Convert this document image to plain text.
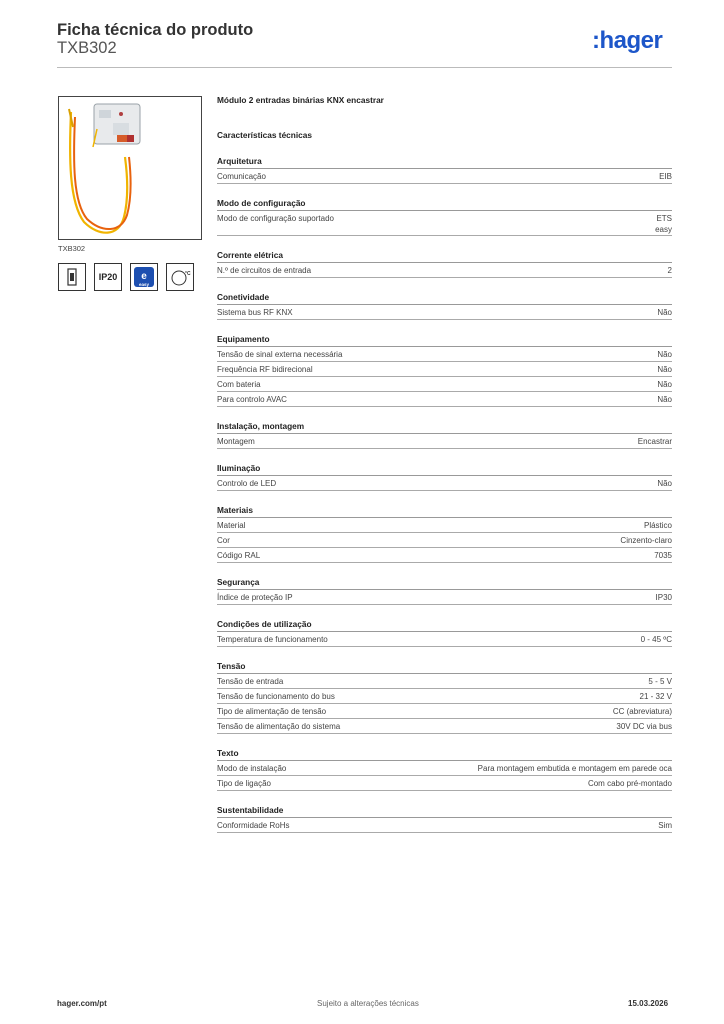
Ficha técnica do produto
TXB302	:hager
TXB302
IP20	e
easy
°C
Módulo 2 entradas binárias KNX encastrar
Características técnicas
Arquitetura
Comunicação	EIB
Modo de configuração
Modo de configuração suportado	ETS
easy
Corrente elétrica
N.º de circuitos de entrada	2
Conetividade
Sistema bus RF KNX	Não
Equipamento
Tensão de sinal externa necessária	Não
Frequência RF bidirecional	Não
Com bateria	Não
Para controlo AVAC	Não
Instalação, montagem
Montagem	Encastrar
Iluminação
Controlo de LED	Não
Materiais
Material	Plástico
Cor	Cinzento-claro
Código RAL	7035
Segurança
Índice de proteção IP	IP30
Condições de utilização
Temperatura de funcionamento	0 - 45 ºC
Tensão
Tensão de entrada	5 - 5 V
Tensão de funcionamento do bus	21 - 32 V
Tipo de alimentação de tensão	CC (abreviatura)
Tensão de alimentação do sistema	30V DC via bus
Texto
Modo de instalação	Para montagem embutida e montagem em parede oca
Tipo de ligação	Com cabo pré-montado
Sustentabilidade
Conformidade RoHs	Sim
hager.com/pt	Sujeito a alterações técnicas	15.03.2026
